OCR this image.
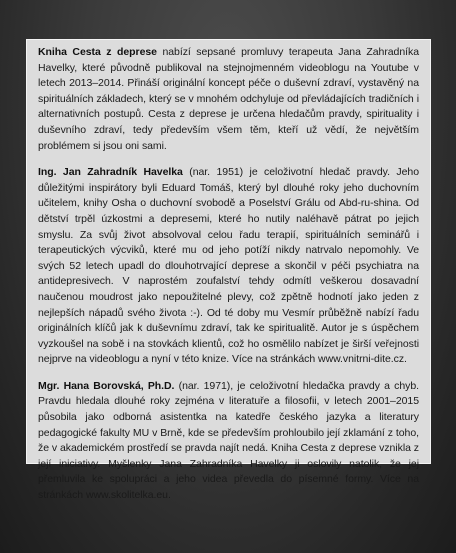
Kniha Cesta z deprese nabízí sepsané promluvy terapeuta Jana Zahradníka Havelky, které původně publikoval na stejnojmenném videoblogu na Youtube v letech 2013–2014. Přináší originální koncept péče o duševní zdraví, vystavěný na spirituálních základech, který se v mnohém odchyluje od převládajících tradičních i alternativních postupů. Cesta z deprese je určena hledačům pravdy, spirituality i duševního zdraví, tedy především všem těm, kteří už vědí, že největším problémem si jsou oni sami.

Ing. Jan Zahradník Havelka (nar. 1951) je celoživotní hledač pravdy. Jeho důležitými inspirátory byli Eduard Tomáš, který byl dlouhé roky jeho duchovním učitelem, knihy Osha o duchovní svobodě a Poselství Grálu od Abd-ru-shina. Od dětství trpěl úzkostmi a depresemi, které ho nutily naléhavě pátrat po jejich smyslu. Za svůj život absolvoval celou řadu terapií, spirituálních seminářů i terapeutických výcviků, které mu od jeho potíží nikdy natrvalo nepomohly. Ve svých 52 letech upadl do dlouhotrvající deprese a skončil v péči psychiatra na antidepresivech. V naprostém zoufalství tehdy odmítl veškerou dosavadní naučenou moudrost jako nepoužitelné plevy, což zpětně hodnotí jako jeden z nejlepších nápadů svého života :-). Od té doby mu Vesmír průběžně nabízí řadu originálních klíčů jak k duševnímu zdraví, tak ke spiritualitě. Autor je s úspěchem vyzkoušel na sobě i na stovkách klientů, což ho osmělilo nabízet je širší veřejnosti nejprve na videoblogu a nyní v této knize. Více na stránkách www.vnitrni-dite.cz.

Mgr. Hana Borovská, Ph.D. (nar. 1971), je celoživotní hledačka pravdy a chyb. Pravdu hledala dlouhé roky zejména v literatuře a filosofii, v letech 2001–2015 působila jako odborná asistentka na katedře českého jazyka a literatury pedagogické fakulty MU v Brně, kde se především prohloubilo její zklamání z toho, že v akademickém prostředí se pravda najít nedá. Kniha Cesta z deprese vznikla z její iniciativy. Myšlenky Jana Zahradníka Havelky ji oslovily natolik, že jej přemluvila ke spolupráci a jeho videa převedla do písemné formy. Více na stránkách www.skolitelka.eu.
